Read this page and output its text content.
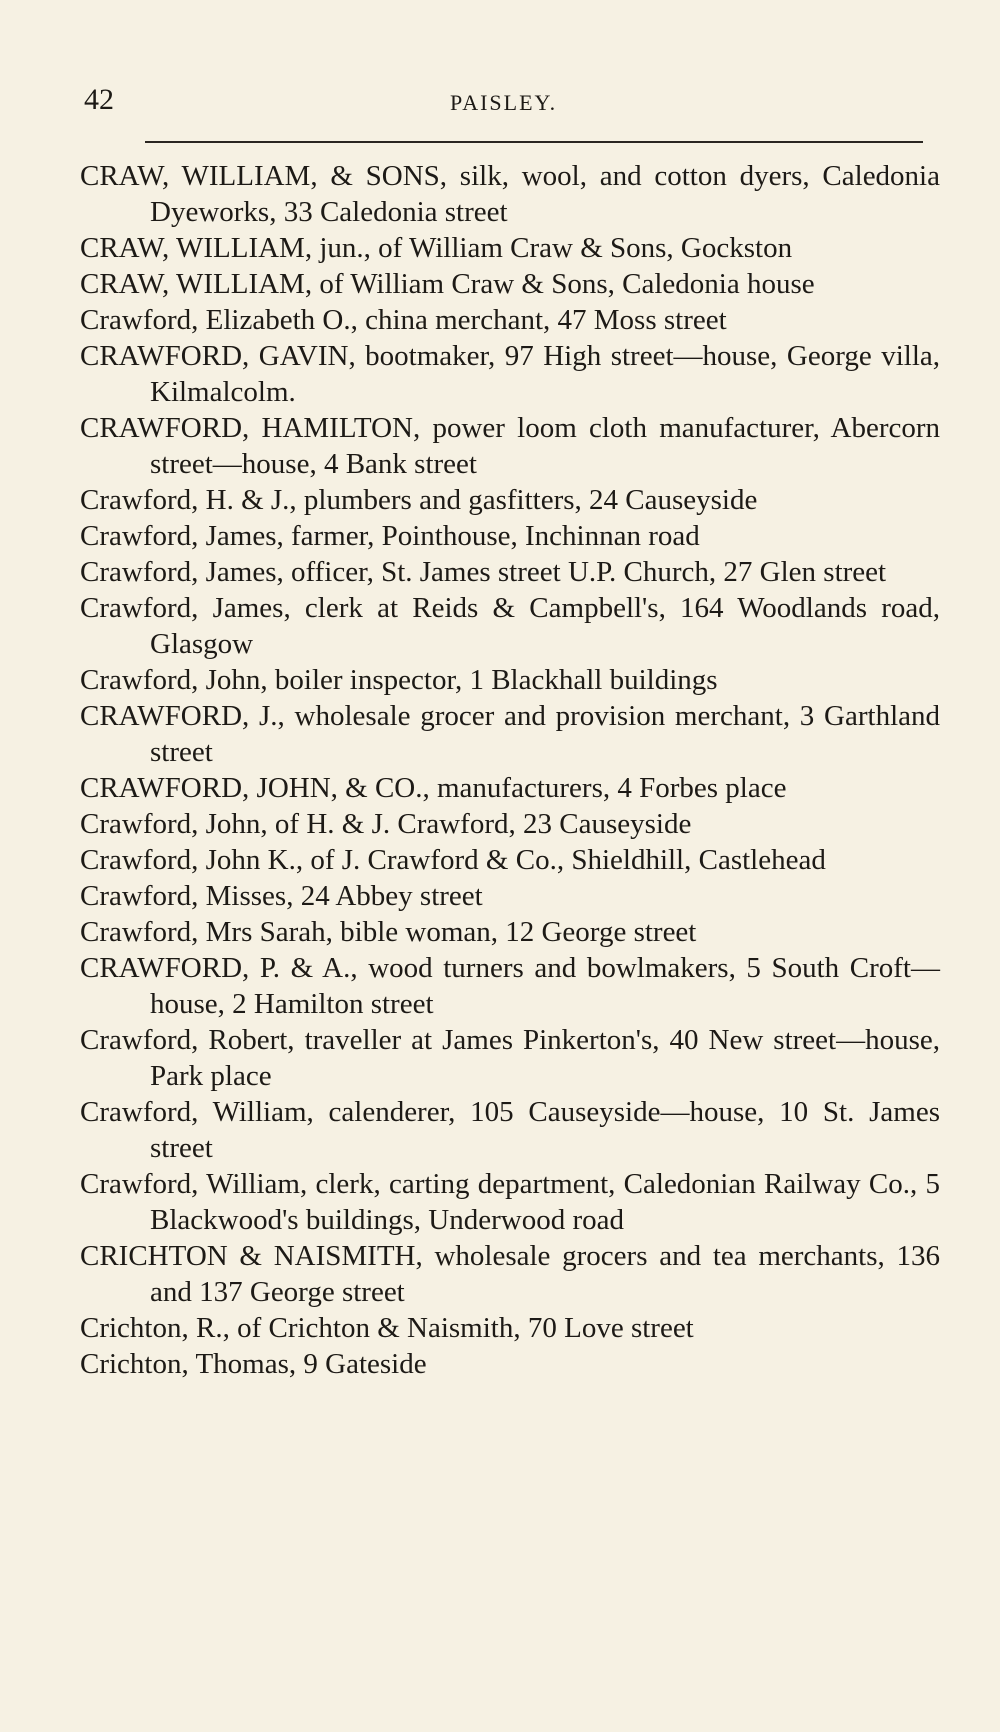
42	PAISLEY.

CRAW, WILLIAM, & SONS, silk, wool, and cotton dyers, Caledonia Dyeworks, 33 Caledonia street

CRAW, WILLIAM, jun., of William Craw & Sons, Gockston

CRAW, WILLIAM, of William Craw & Sons, Caledonia house

Crawford, Elizabeth O., china merchant, 47 Moss street

CRAWFORD, GAVIN, bootmaker, 97 High street—house, George villa, Kilmalcolm.

CRAWFORD, HAMILTON, power loom cloth manufacturer, Abercorn street—house, 4 Bank street

Crawford, H. & J., plumbers and gasfitters, 24 Causeyside

Crawford, James, farmer, Pointhouse, Inchinnan road

Crawford, James, officer, St. James street U.P. Church, 27 Glen street

Crawford, James, clerk at Reids & Campbell's, 164 Woodlands road, Glasgow

Crawford, John, boiler inspector, 1 Blackhall buildings

CRAWFORD, J., wholesale grocer and provision merchant, 3 Garthland street

CRAWFORD, JOHN, & CO., manufacturers, 4 Forbes place

Crawford, John, of H. & J. Crawford, 23 Causeyside

Crawford, John K., of J. Crawford & Co., Shieldhill, Castlehead

Crawford, Misses, 24 Abbey street

Crawford, Mrs Sarah, bible woman, 12 George street

CRAWFORD, P. & A., wood turners and bowlmakers, 5 South Croft—house, 2 Hamilton street

Crawford, Robert, traveller at James Pinkerton's, 40 New street—house, Park place

Crawford, William, calenderer, 105 Causeyside—house, 10 St. James street

Crawford, William, clerk, carting department, Caledonian Railway Co., 5 Blackwood's buildings, Underwood road

CRICHTON & NAISMITH, wholesale grocers and tea merchants, 136 and 137 George street

Crichton, R., of Crichton & Naismith, 70 Love street

Crichton, Thomas, 9 Gateside
